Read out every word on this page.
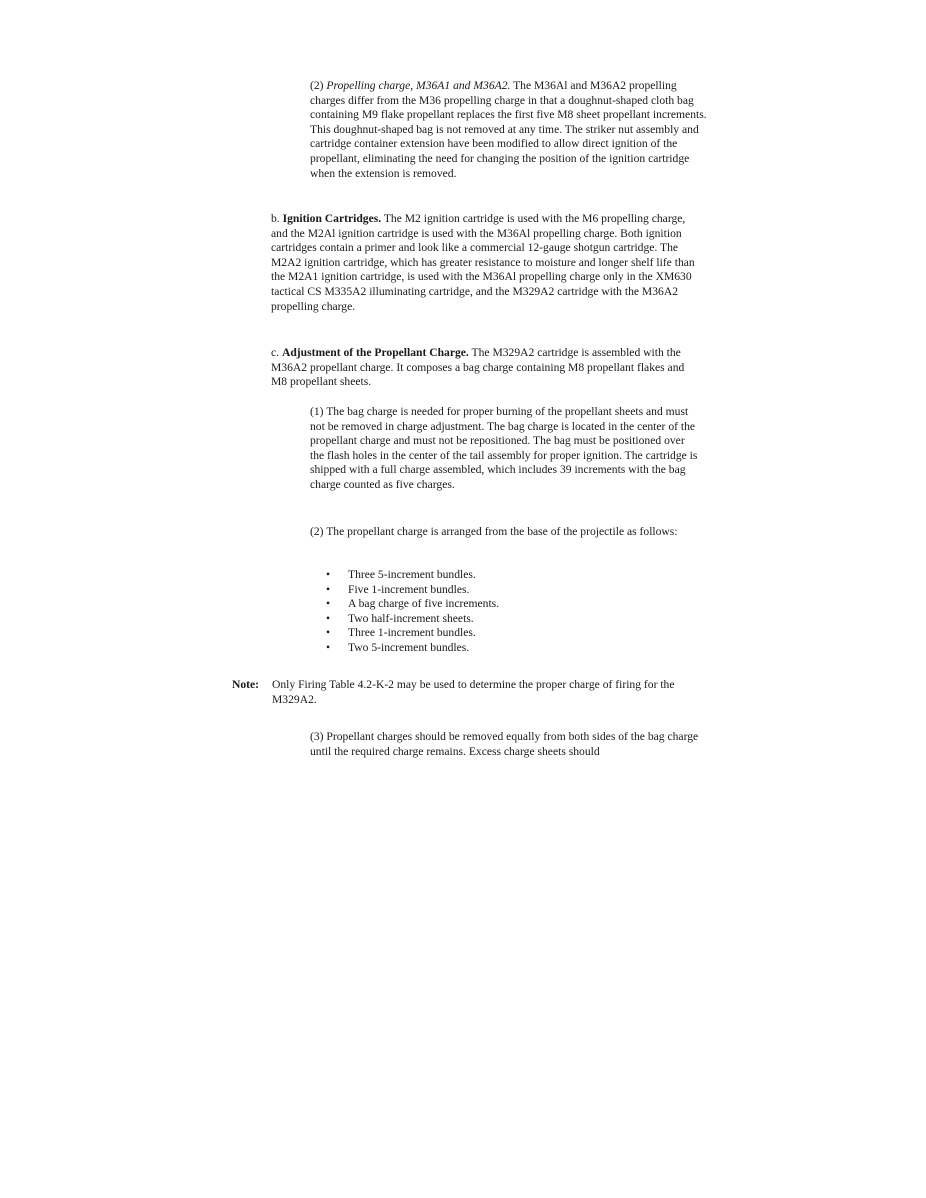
(2) Propelling charge, M36A1 and M36A2. The M36Al and M36A2 propelling charges differ from the M36 propelling charge in that a doughnut-shaped cloth bag containing M9 flake propellant replaces the first five M8 sheet propellant increments. This doughnut-shaped bag is not removed at any time. The striker nut assembly and cartridge container extension have been modified to allow direct ignition of the propellant, eliminating the need for changing the position of the ignition cartridge when the extension is removed.

b. Ignition Cartridges. The M2 ignition cartridge is used with the M6 propelling charge, and the M2Al ignition cartridge is used with the M36Al propelling charge. Both ignition cartridges contain a primer and look like a commercial 12-gauge shotgun cartridge. The M2A2 ignition cartridge, which has greater resistance to moisture and longer shelf life than the M2A1 ignition cartridge, is used with the M36Al propelling charge only in the XM630 tactical CS M335A2 illuminating cartridge, and the M329A2 cartridge with the M36A2 propelling charge.

c. Adjustment of the Propellant Charge. The M329A2 cartridge is assembled with the M36A2 propellant charge. It composes a bag charge containing M8 propellant flakes and M8 propellant sheets.

(1) The bag charge is needed for proper burning of the propellant sheets and must not be removed in charge adjustment. The bag charge is located in the center of the propellant charge and must not be repositioned. The bag must be positioned over the flash holes in the center of the tail assembly for proper ignition. The cartridge is shipped with a full charge assembled, which includes 39 increments with the bag charge counted as five charges.

(2) The propellant charge is arranged from the base of the projectile as follows:

• Three 5-increment bundles.
• Five 1-increment bundles.
• A bag charge of five increments.
• Two half-increment sheets.
• Three 1-increment bundles.
• Two 5-increment bundles.
Note: Only Firing Table 4.2-K-2 may be used to determine the proper charge of firing for the M329A2.

(3) Propellant charges should be removed equally from both sides of the bag charge until the required charge remains. Excess charge sheets should
